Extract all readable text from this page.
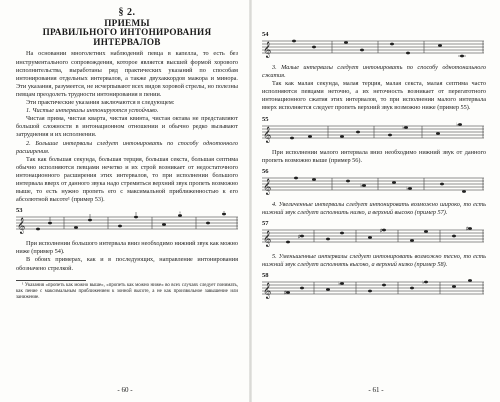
§ 2.
ПРИЕМЫ
ПРАВИЛЬНОГО ИНТОНИРОВАНИЯ
ИНТЕРВАЛОВ

На основании многолетних наблюдений певца в капелла, то есть без инструментального сопровождения, которое является высшей формой хорового исполнительства, выработаны ряд практических указаний по способам интонирования отдельных интервалов, а также двухаккордов мажора и минора. Эти указания, разумеется, не исчерпывают всех видов хоровой стрелы, но полезны певцам преодолеть трудности интонирования в пении.

Эти практические указания заключаются в следующем:

1. Чистые интервалы интонируются устойчиво.

Чистая прима, чистая кварта, чистая квинта, чистая октава не представляют большой сложности в интонационном отношении и обычно редко вызывают затруднения и их исполнении.

2. Большие интервалы следует интонировать по способу однотонного расширения.

Так как большая секунда, большая терция, большая секста, большая септима обычно исполняются певцами нечетко и их строй возникает от недостаточного интонационного расширения этих интервалов, то при исполнении большого интервала вверх от данного звука надо стремиться верхний звук пропеть возможно выше, то есть нужно пропеть его с максимальной приближенностью к его абсолютной высоте¹ (пример 53).

53
𝄞

При исполнении большого интервала вниз необходимо нижний звук как можно ниже (пример 54).

В обоих примерах, как и в последующих, направление интонирования обозначено стрелкой.

¹ Указания «пропеть как можно выше», «пропеть как можно ниже» во всех случаях следует понимать, как пение с максимальным приближением к зонной высоте, а не как произвольное завышение или занижение.
- 60 -
54
𝄞

3. Малые интервалы следует интонировать по способу однотонального сжатия.

Так как малая секунда, малая терция, малая секста, малая септима часто исполняются певцами неточно, а их неточность возникает от перегатотного интонационного сжатия этих интервалов, то при исполнении малого интервала вверх исполняется следует пропеть верхний звук возможно ниже (пример 55).

55
𝄞	♭
♭

При исполнении малого интервала вниз необходимо нижний звук от данного пропеть возможно выше (пример 56).

56
𝄞	♭
♭

4. Увеличенные интервалы следует интонировать возможно широко, то есть нижний звук следует исполнить низко, а верхний высоко (пример 57).

57
𝄞	♯
♯	♯

5. Уменьшенные интервалы следует интонировать возможно тесно, то есть нижний звук следует исполнять высоко, а верхний низко (пример 58).

58
𝄞	♯
♭	♭
- 61 -
